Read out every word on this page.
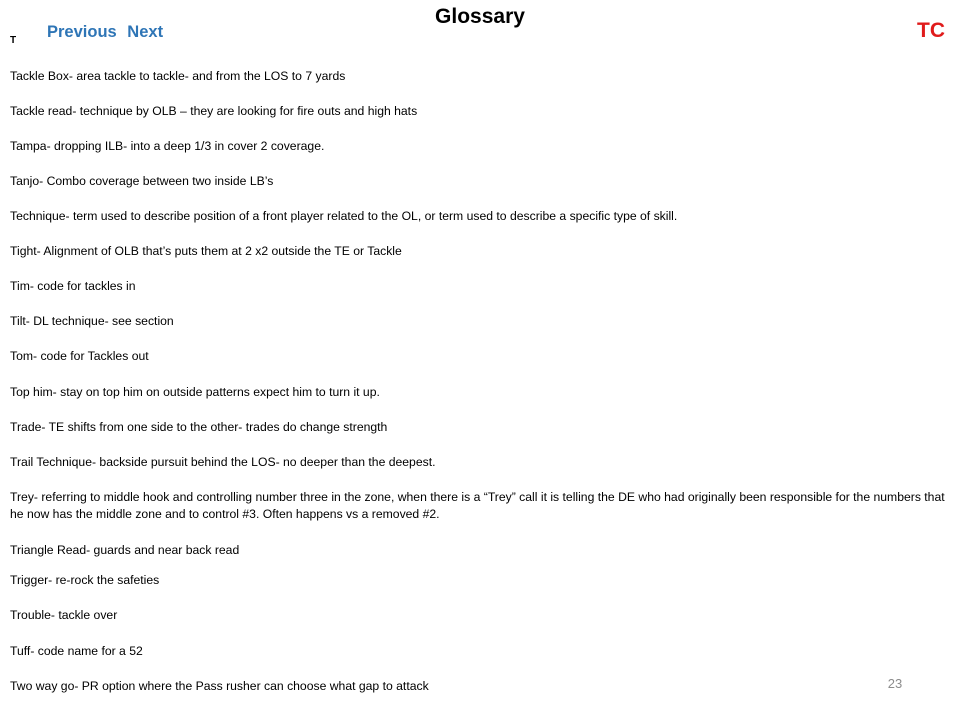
Glossary
Previous Next	TC
T
Tackle Box- area tackle to tackle- and from the LOS to 7 yards
Tackle read- technique by OLB – they are looking for fire outs and high hats
Tampa- dropping ILB- into a deep 1/3 in cover 2 coverage.
Tanjo- Combo coverage between two inside LB’s
Technique- term used to describe position of a front player related to the OL, or term used to describe a specific type of skill.
Tight- Alignment of OLB that’s puts them at 2 x2 outside the TE or Tackle
Tim- code for tackles in
Tilt- DL technique- see section
Tom- code for Tackles out
Top him- stay on top him on outside patterns expect him to turn it up.
Trade- TE shifts from one side to the other- trades do change strength
Trail Technique- backside pursuit behind the LOS- no deeper than the deepest.
Trey- referring to middle hook and controlling number three in the zone, when there is a “Trey” call it is telling the DE who had originally been responsible for the numbers that he now has the middle zone and to control #3. Often happens vs a removed #2.
Triangle Read- guards and near back read
Trigger- re-rock the safeties
Trouble- tackle over
Tuff- code name for a 52
Two way go- PR option where the Pass rusher can choose what gap to attack	23
